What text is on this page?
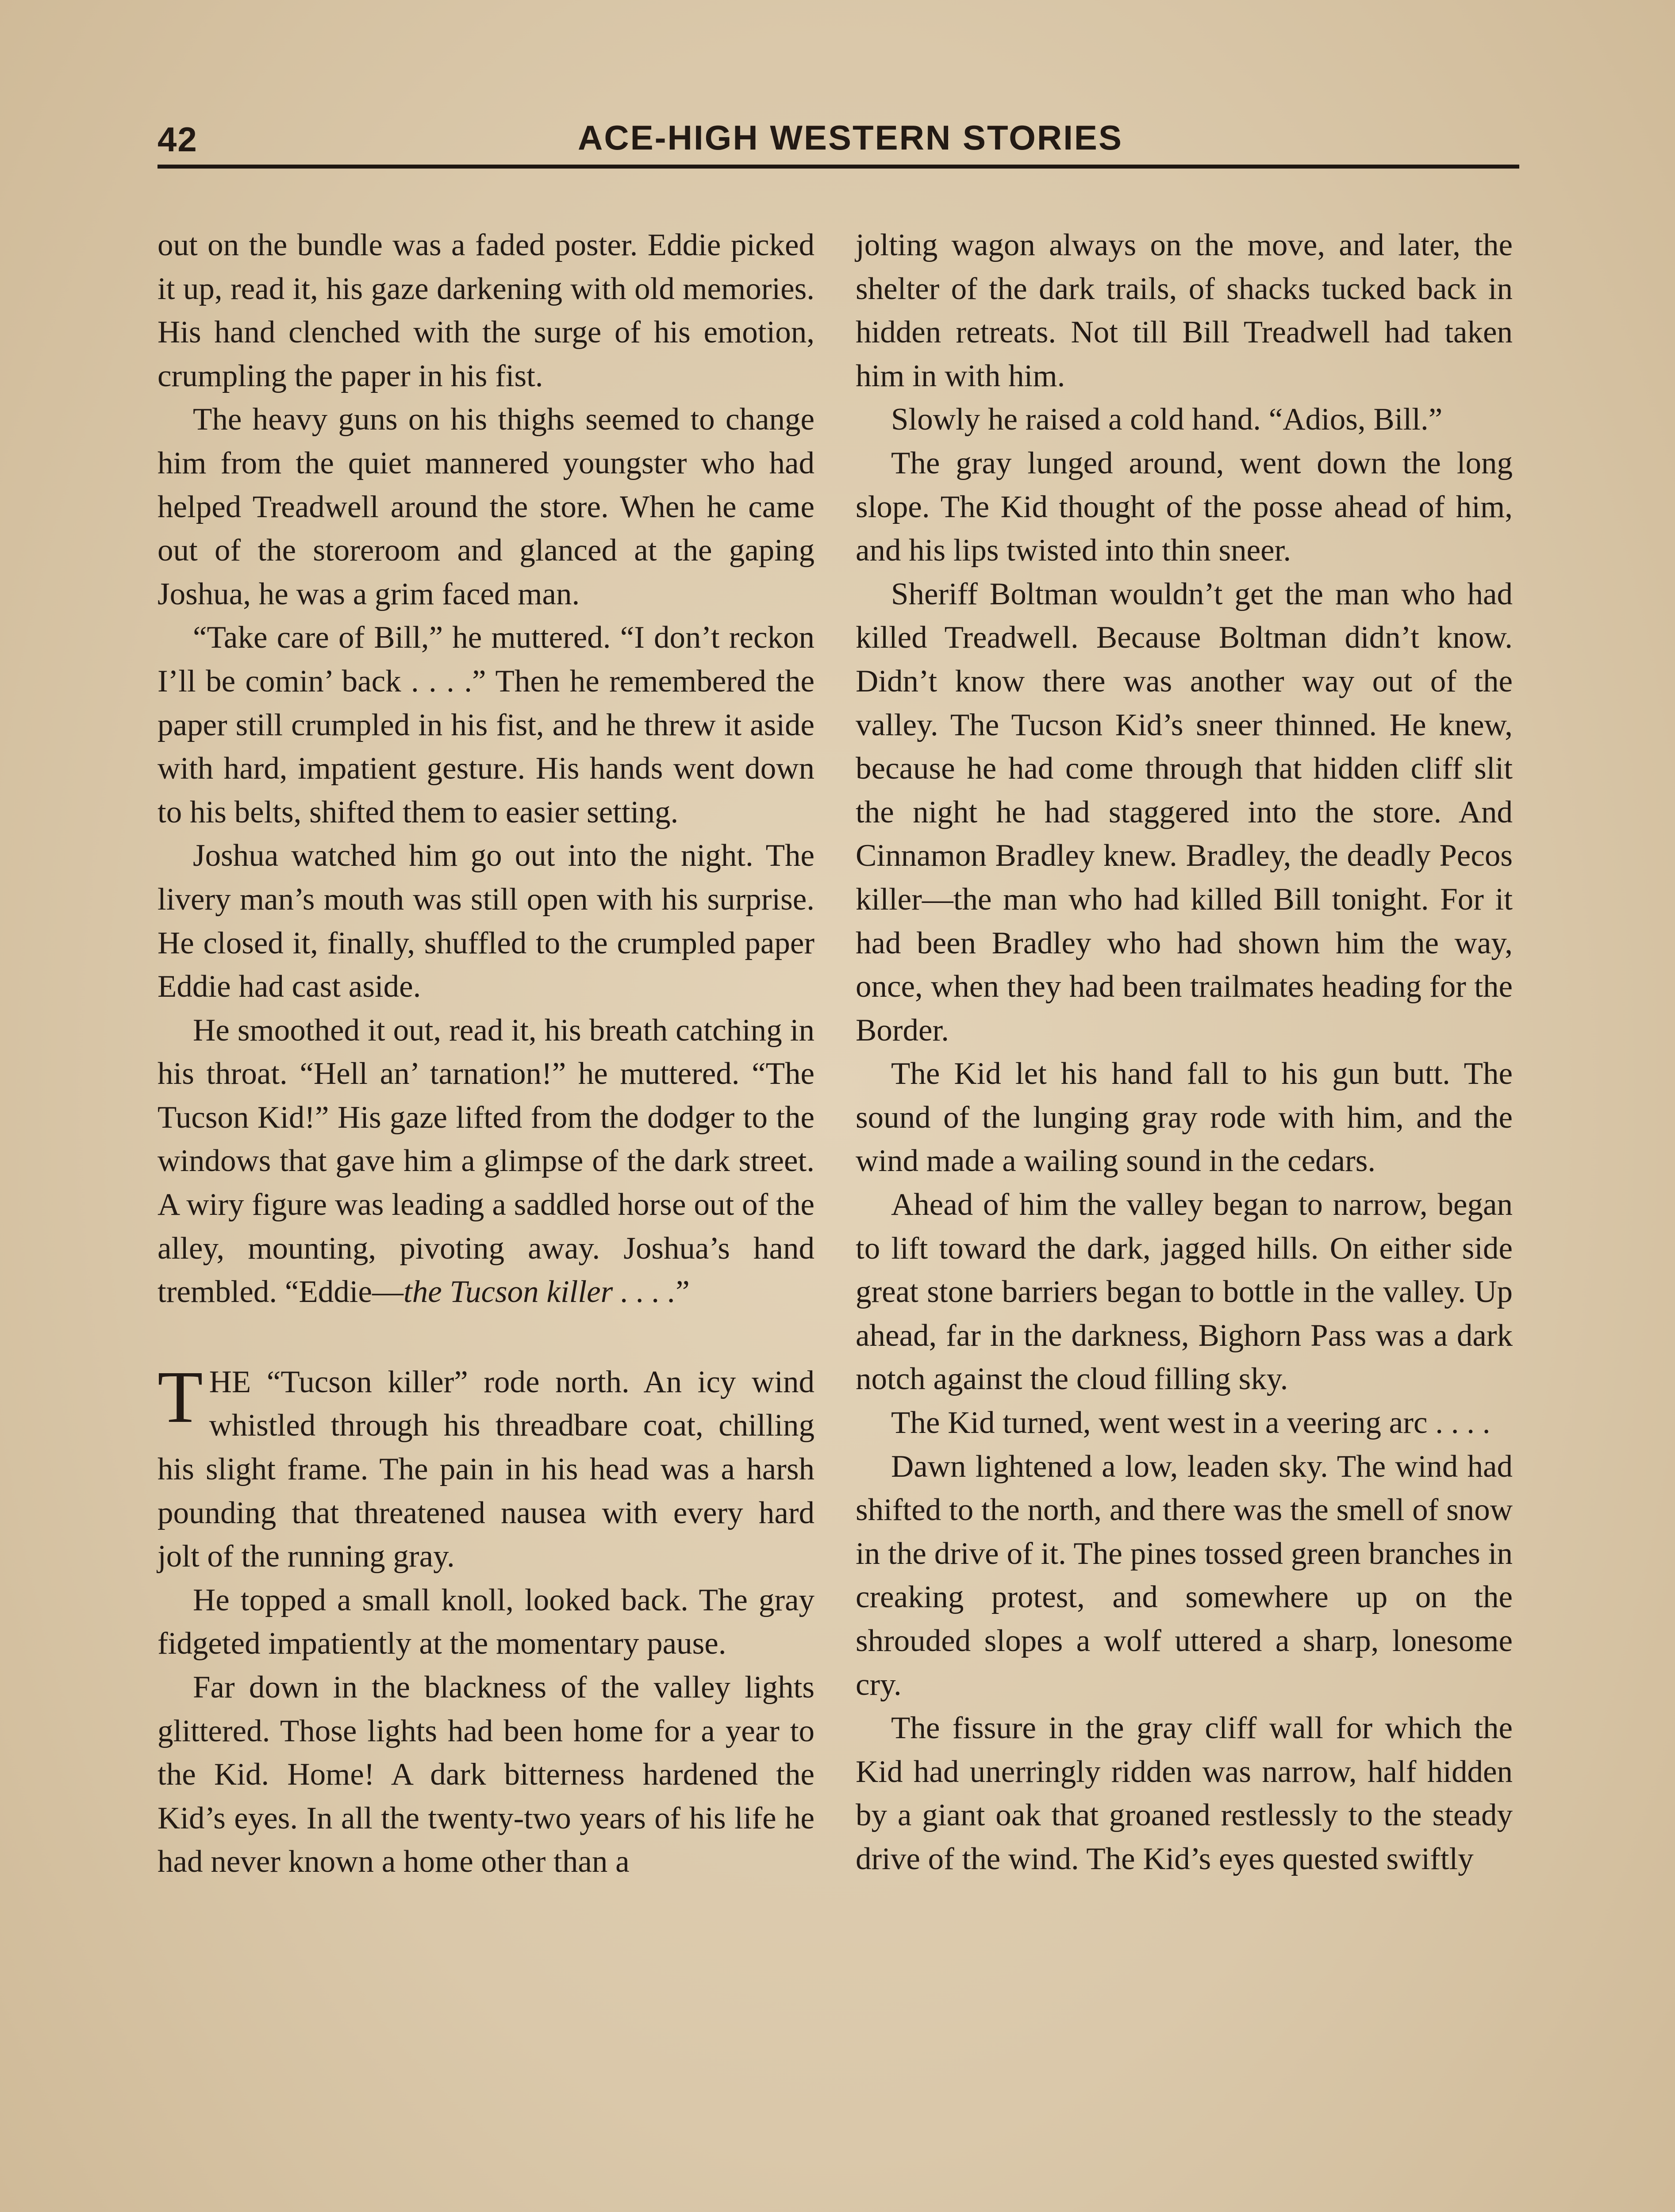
42	ACE-HIGH WESTERN STORIES

out on the bundle was a faded poster. Eddie picked it up, read it, his gaze darkening with old memories. His hand clenched with the surge of his emotion, crumpling the paper in his fist.

The heavy guns on his thighs seemed to change him from the quiet mannered youngster who had helped Treadwell around the store. When he came out of the storeroom and glanced at the gaping Joshua, he was a grim faced man.

“Take care of Bill,” he muttered. “I don’t reckon I’ll be comin’ back . . . .” Then he remembered the paper still crumpled in his fist, and he threw it aside with hard, impatient gesture. His hands went down to his belts, shifted them to easier setting.

Joshua watched him go out into the night. The livery man’s mouth was still open with his surprise. He closed it, finally, shuffled to the crumpled paper Eddie had cast aside.

He smoothed it out, read it, his breath catching in his throat. “Hell an’ tarnation!” he muttered. “The Tucson Kid!” His gaze lifted from the dodger to the windows that gave him a glimpse of the dark street. A wiry figure was leading a saddled horse out of the alley, mounting, pivoting away. Joshua’s hand trembled. “Eddie—the Tucson killer . . . .”

THE “Tucson killer” rode north. An icy wind whistled through his threadbare coat, chilling his slight frame. The pain in his head was a harsh pounding that threatened nausea with every hard jolt of the running gray.

He topped a small knoll, looked back. The gray fidgeted impatiently at the momentary pause.

Far down in the blackness of the valley lights glittered. Those lights had been home for a year to the Kid. Home! A dark bitterness hardened the Kid’s eyes. In all the twenty-two years of his life he had never known a home other than a

jolting wagon always on the move, and later, the shelter of the dark trails, of shacks tucked back in hidden retreats. Not till Bill Treadwell had taken him in with him.

Slowly he raised a cold hand. “Adios, Bill.”

The gray lunged around, went down the long slope. The Kid thought of the posse ahead of him, and his lips twisted into thin sneer.

Sheriff Boltman wouldn’t get the man who had killed Treadwell. Because Boltman didn’t know. Didn’t know there was another way out of the valley. The Tucson Kid’s sneer thinned. He knew, because he had come through that hidden cliff slit the night he had staggered into the store. And Cinnamon Bradley knew. Bradley, the deadly Pecos killer—the man who had killed Bill tonight. For it had been Bradley who had shown him the way, once, when they had been trailmates heading for the Border.

The Kid let his hand fall to his gun butt. The sound of the lunging gray rode with him, and the wind made a wailing sound in the cedars.

Ahead of him the valley began to narrow, began to lift toward the dark, jagged hills. On either side great stone barriers began to bottle in the valley. Up ahead, far in the darkness, Bighorn Pass was a dark notch against the cloud filling sky.

The Kid turned, went west in a veering arc . . . .

Dawn lightened a low, leaden sky. The wind had shifted to the north, and there was the smell of snow in the drive of it. The pines tossed green branches in creaking protest, and somewhere up on the shrouded slopes a wolf uttered a sharp, lonesome cry.

The fissure in the gray cliff wall for which the Kid had unerringly ridden was narrow, half hidden by a giant oak that groaned restlessly to the steady drive of the wind. The Kid’s eyes quested swiftly
